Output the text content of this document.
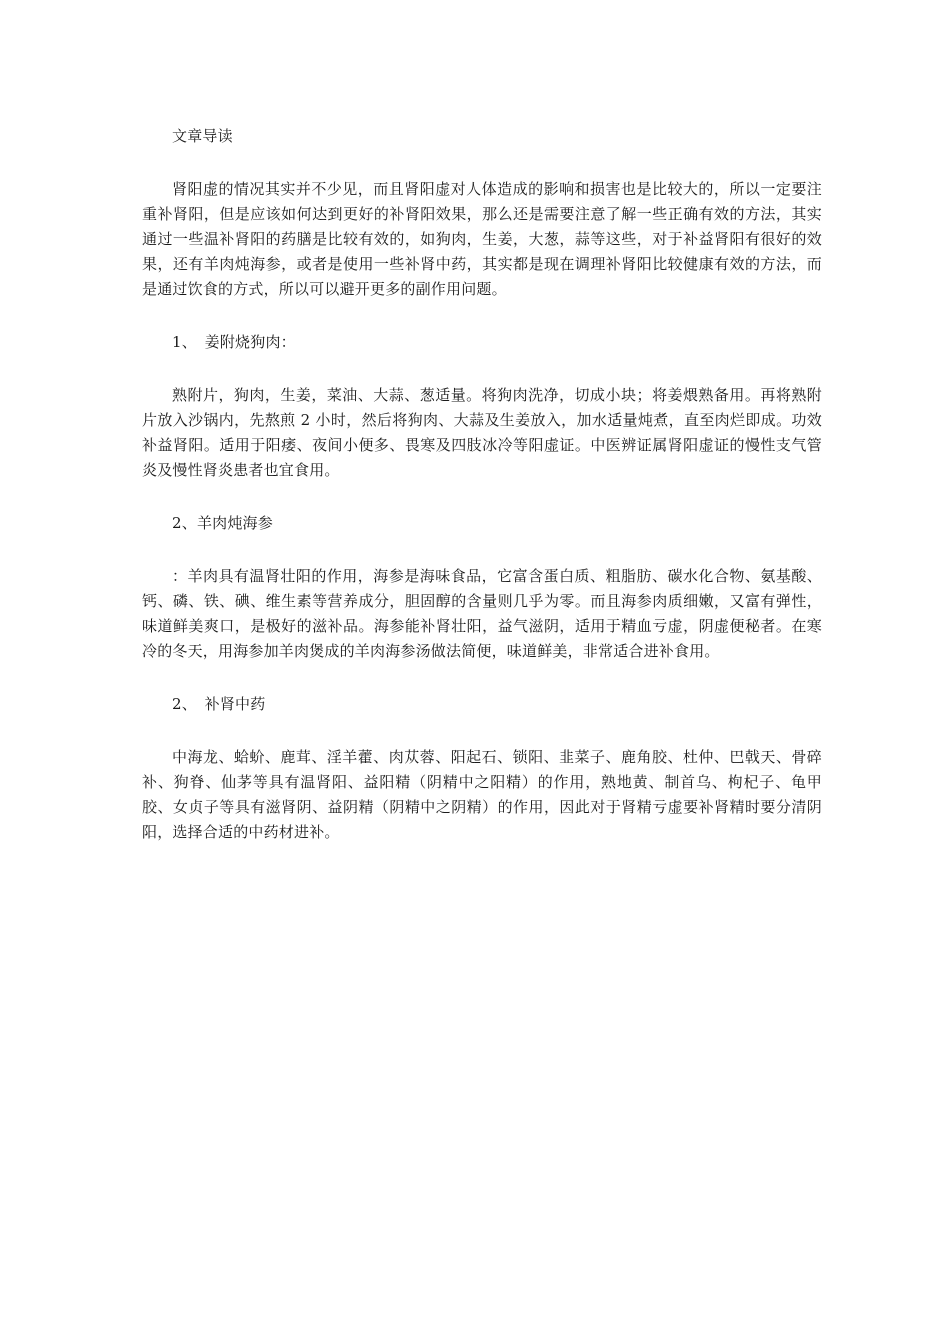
文章导读

肾阳虚的情况其实并不少见，而且肾阳虚对人体造成的影响和损害也是比较大的，所以一定要注重补肾阳，但是应该如何达到更好的补肾阳效果，那么还是需要注意了解一些正确有效的方法，其实通过一些温补肾阳的药膳是比较有效的，如狗肉，生姜，大葱，蒜等这些，对于补益肾阳有很好的效果，还有羊肉炖海参，或者是使用一些补肾中药，其实都是现在调理补肾阳比较健康有效的方法，而是通过饮食的方式，所以可以避开更多的副作用问题。

1、　姜附烧狗肉：

熟附片，狗肉，生姜，菜油、大蒜、葱适量。将狗肉洗净，切成小块；将姜煨熟备用。再将熟附片放入沙锅内，先熬煎 2 小时，然后将狗肉、大蒜及生姜放入，加水适量炖煮，直至肉烂即成。功效补益肾阳。适用于阳痿、夜间小便多、畏寒及四肢冰冷等阳虚证。中医辨证属肾阳虚证的慢性支气管炎及慢性肾炎患者也宜食用。

2、羊肉炖海参

：羊肉具有温肾壮阳的作用，海参是海味食品，它富含蛋白质、粗脂肪、碳水化合物、氨基酸、钙、磷、铁、碘、维生素等营养成分，胆固醇的含量则几乎为零。而且海参肉质细嫩，又富有弹性，味道鲜美爽口，是极好的滋补品。海参能补肾壮阳，益气滋阴，适用于精血亏虚，阴虚便秘者。在寒冷的冬天，用海参加羊肉煲成的羊肉海参汤做法简便，味道鲜美，非常适合进补食用。

2、　补肾中药

中海龙、蛤蚧、鹿茸、淫羊藿、肉苁蓉、阳起石、锁阳、韭菜子、鹿角胶、杜仲、巴戟天、骨碎补、狗脊、仙茅等具有温肾阳、益阳精（阴精中之阳精）的作用，熟地黄、制首乌、枸杞子、龟甲胶、女贞子等具有滋肾阴、益阴精（阴精中之阴精）的作用，因此对于肾精亏虚要补肾精时要分清阴阳，选择合适的中药材进补。
